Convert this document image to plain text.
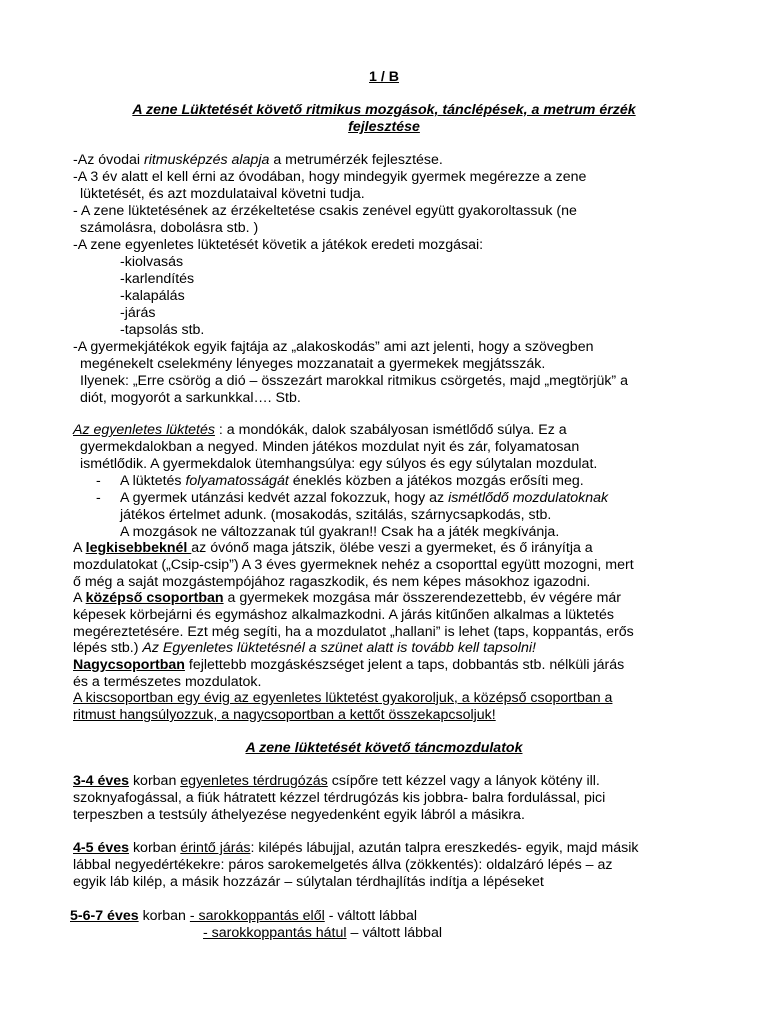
1 / B
A zene Lüktetését követő ritmikus mozgások, tánclépések, a metrum érzék
fejlesztése
-Az óvodai ritmusképzés alapja a metrumérzék fejlesztése.
-A 3 év alatt el kell érni az óvodában, hogy mindegyik gyermek megérezze a zene
lüktetését, és azt mozdulataival követni tudja.
- A zene lüktetésének az érzékeltetése csakis zenével együtt gyakoroltassuk (ne
számolásra, dobolásra stb. )
-A zene egyenletes lüktetését követik a játékok eredeti mozgásai:
-kiolvasás
-karlendítés
-kalapálás
-járás
-tapsolás stb.
-A gyermekjátékok egyik fajtája az „alakoskodás” ami azt jelenti, hogy a szövegben
megénekelt cselekmény lényeges mozzanatait a gyermekek megjátsszák.
Ilyenek: „Erre csörög a dió – összezárt marokkal ritmikus csörgetés, majd „megtörjük” a
diót, mogyorót a sarkunkkal…. Stb.
Az egyenletes lüktetés : a mondókák, dalok szabályosan ismétlődő súlya. Ez a
gyermekdalokban a negyed. Minden játékos mozdulat nyit és zár, folyamatosan
ismétlődik. A gyermekdalok ütemhangsúlya: egy súlyos és egy súlytalan mozdulat.
- A lüktetés folyamatosságát éneklés közben a játékos mozgás erősíti meg.
- A gyermek utánzási kedvét azzal fokozzuk, hogy az ismétlődő mozdulatoknak
játékos értelmet adunk. (mosakodás, szitálás, szárnycsapkodás, stb.
A mozgások ne változzanak túl gyakran!! Csak ha a játék megkívánja.
A legkisebbeknél az óvónő maga játszik, ölébe veszi a gyermeket, és ő irányítja a
mozdulatokat („Csip-csip”) A 3 éves gyermeknek nehéz a csoporttal együtt mozogni, mert
ő még a saját mozgástempójához ragaszkodik, és nem képes másokhoz igazodni.
A középső csoportban a gyermekek mozgása már összerendezettebb, év végére már
képesek körbejárni és egymáshoz alkalmazkodni. A járás kitűnően alkalmas a lüktetés
megéreztetésére. Ezt még segíti, ha a mozdulatot „hallani” is lehet (taps, koppantás, erős
lépés stb.) Az Egyenletes lüktetésnél a szünet alatt is tovább kell tapsolni!
Nagycsoportban fejlettebb mozgáskészséget jelent a taps, dobbantás stb. nélküli járás
és a természetes mozdulatok.
A kiscsoportban egy évig az egyenletes lüktetést gyakoroljuk, a középső csoportban a
ritmust hangsúlyozzuk, a nagycsoportban a kettőt összekapcsoljuk!
A zene lüktetését követő táncmozdulatok
3-4 éves korban egyenletes térdrugózás csípőre tett kézzel vagy a lányok kötény ill.
szoknyafogással, a fiúk hátratett kézzel térdrugózás kis jobbra- balra fordulással, pici
terpeszben a testsúly áthelyezése negyedenként egyik lábról a másikra.
4-5 éves korban érintő járás: kilépés lábujjal, azután talpra ereszkedés- egyik, majd másik
lábbal negyedértékekre: páros sarokemelgetés állva (zökkentés): oldalzáró lépés – az
egyik láb kilép, a másik hozzázár – súlytalan térdhajlítás indítja a lépéseket
5-6-7 éves korban - sarokkoppantás elől - váltott lábbal
- sarokkoppantás hátul – váltott lábbal
